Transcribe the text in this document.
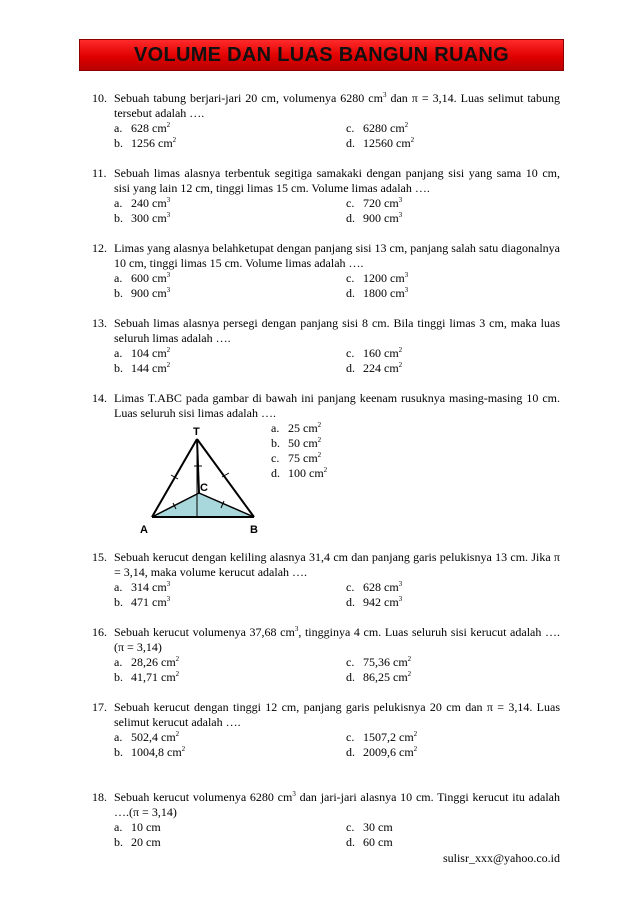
VOLUME DAN LUAS BANGUN RUANG
10. Sebuah tabung berjari-jari 20 cm, volumenya 6280 $cm^3$ dan π = 3,14. Luas selimut tabung tersebut adalah ….
a. 628 $cm^2$	c. 6280 $cm^2$
b. 1256 $cm^2$	d. 12560 $cm^2$
11. Sebuah limas alasnya terbentuk segitiga samakaki dengan panjang sisi yang sama 10 cm, sisi yang lain 12 cm, tinggi limas 15 cm. Volume limas adalah ….
a. 240 $cm^3$	c. 720 $cm^3$
b. 300 $cm^3$	d. 900 $cm^3$
12. Limas yang alasnya belahketupat dengan panjang sisi 13 cm, panjang salah satu diagonalnya 10 cm, tinggi limas 15 cm. Volume limas adalah ….
a. 600 $cm^3$	c. 1200 $cm^3$
b. 900 $cm^3$	d. 1800 $cm^3$
13. Sebuah limas alasnya persegi dengan panjang sisi 8 cm. Bila tinggi limas 3 cm, maka luas seluruh limas adalah ….
a. 104 $cm^2$	c. 160 $cm^2$
b. 144 $cm^2$	d. 224 $cm^2$
14. Limas T.ABC pada gambar di bawah ini panjang keenam rusuknya masing-masing 10 cm. Luas seluruh sisi limas adalah ….
T
C
A	B
a. 25 $cm^2$
b. 50 $cm^2$
c. 75 $cm^2$
d. 100 $cm^2$
15. Sebuah kerucut dengan keliling alasnya 31,4 cm dan panjang garis pelukisnya 13 cm. Jika π = 3,14, maka volume kerucut adalah ….
a. 314 $cm^3$	c. 628 $cm^3$
b. 471 $cm^3$	d. 942 $cm^3$
16. Sebuah kerucut volumenya 37,68 $cm^3$, tingginya 4 cm. Luas seluruh sisi kerucut adalah ….(π = 3,14)
a. 28,26 $cm^2$	c. 75,36 $cm^2$
b. 41,71 $cm^2$	d. 86,25 $cm^2$
17. Sebuah kerucut dengan tinggi 12 cm, panjang garis pelukisnya 20 cm dan π = 3,14. Luas selimut kerucut adalah ….
a. 502,4 $cm^2$	c. 1507,2 $cm^2$
b. 1004,8 $cm^2$	d. 2009,6 $cm^2$
18. Sebuah kerucut volumenya 6280 $cm^3$ dan jari-jari alasnya 10 cm. Tinggi kerucut itu adalah ….(π = 3,14)
a. 10 cm	c. 30 cm
b. 20 cm	d. 60 cm
sulisr_xxx@yahoo.co.id
